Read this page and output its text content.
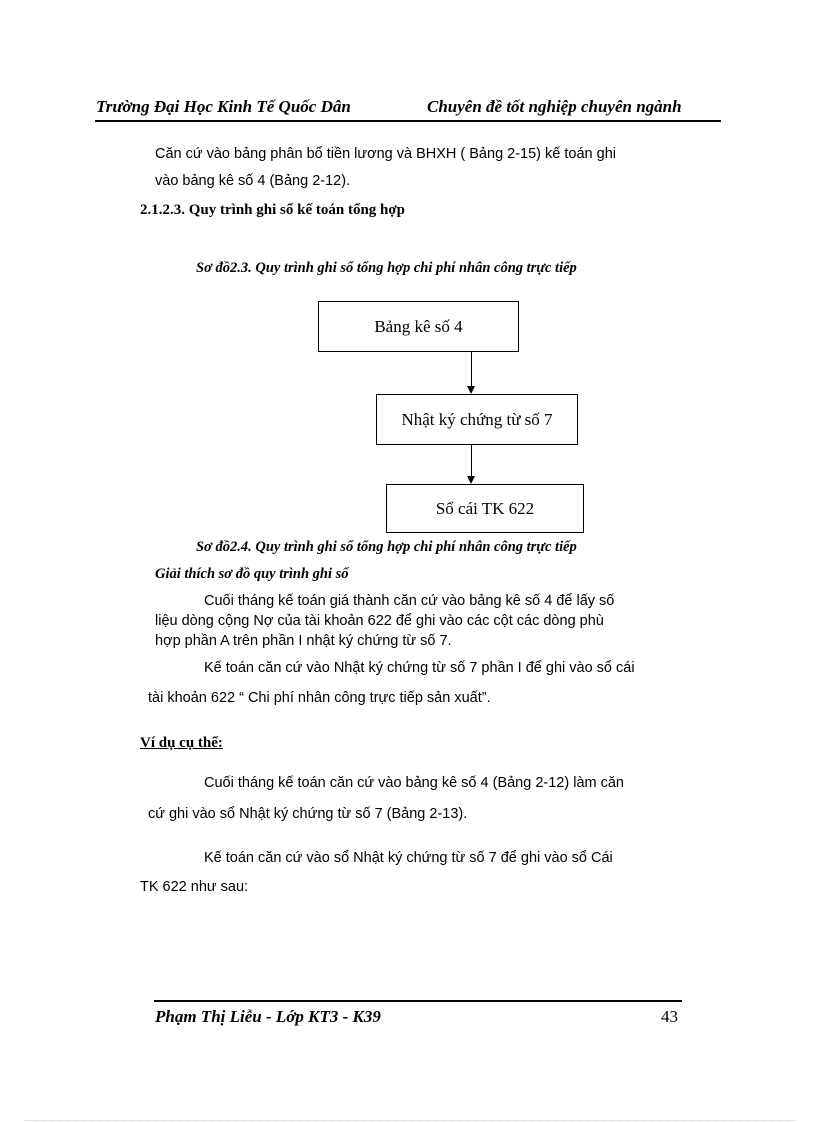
Trường Đại Học Kinh Tế Quốc Dân	Chuyên đề tốt nghiệp chuyên ngành
Căn cứ vào bảng phân bổ tiền lương và BHXH ( Bảng 2-15) kế toán ghi
vào bảng kê số 4 (Bảng 2-12).
2.1.2.3. Quy trình ghi sổ kế toán tổng hợp
Sơ đồ2.3. Quy trình ghi sổ tổng hợp chi phí nhân công trực tiếp
Bảng kê số 4
Nhật ký chứng từ số 7
Sổ cái TK 622
Sơ đồ2.4. Quy trình ghi sổ tổng hợp chi phí nhân công trực tiếp
Giải thích sơ đồ quy trình ghi sổ
Cuối tháng kế toán giá thành căn cứ vào bảng kê số 4 để lấy số
liệu dòng cộng Nợ của tài khoản 622 để ghi vào các cột các dòng phù
hợp phần A trên phần I nhật ký chứng từ số 7.
Kế toán căn cứ vào Nhật ký chứng từ số 7 phần I để ghi vào sổ cái
tài khoản 622 “ Chi phí nhân công trực tiếp sản xuất”.
Ví dụ cụ thể:
Cuối tháng kế toán căn cứ vào bảng kê số 4 (Bảng 2-12) làm căn
cứ ghi vào sổ Nhật ký chứng từ số 7 (Bảng 2-13).
Kế toán căn cứ vào sổ Nhật ký chứng từ số 7 để ghi vào sổ Cái
TK 622 như sau:
Phạm Thị Liễu - Lớp KT3 - K39	43
